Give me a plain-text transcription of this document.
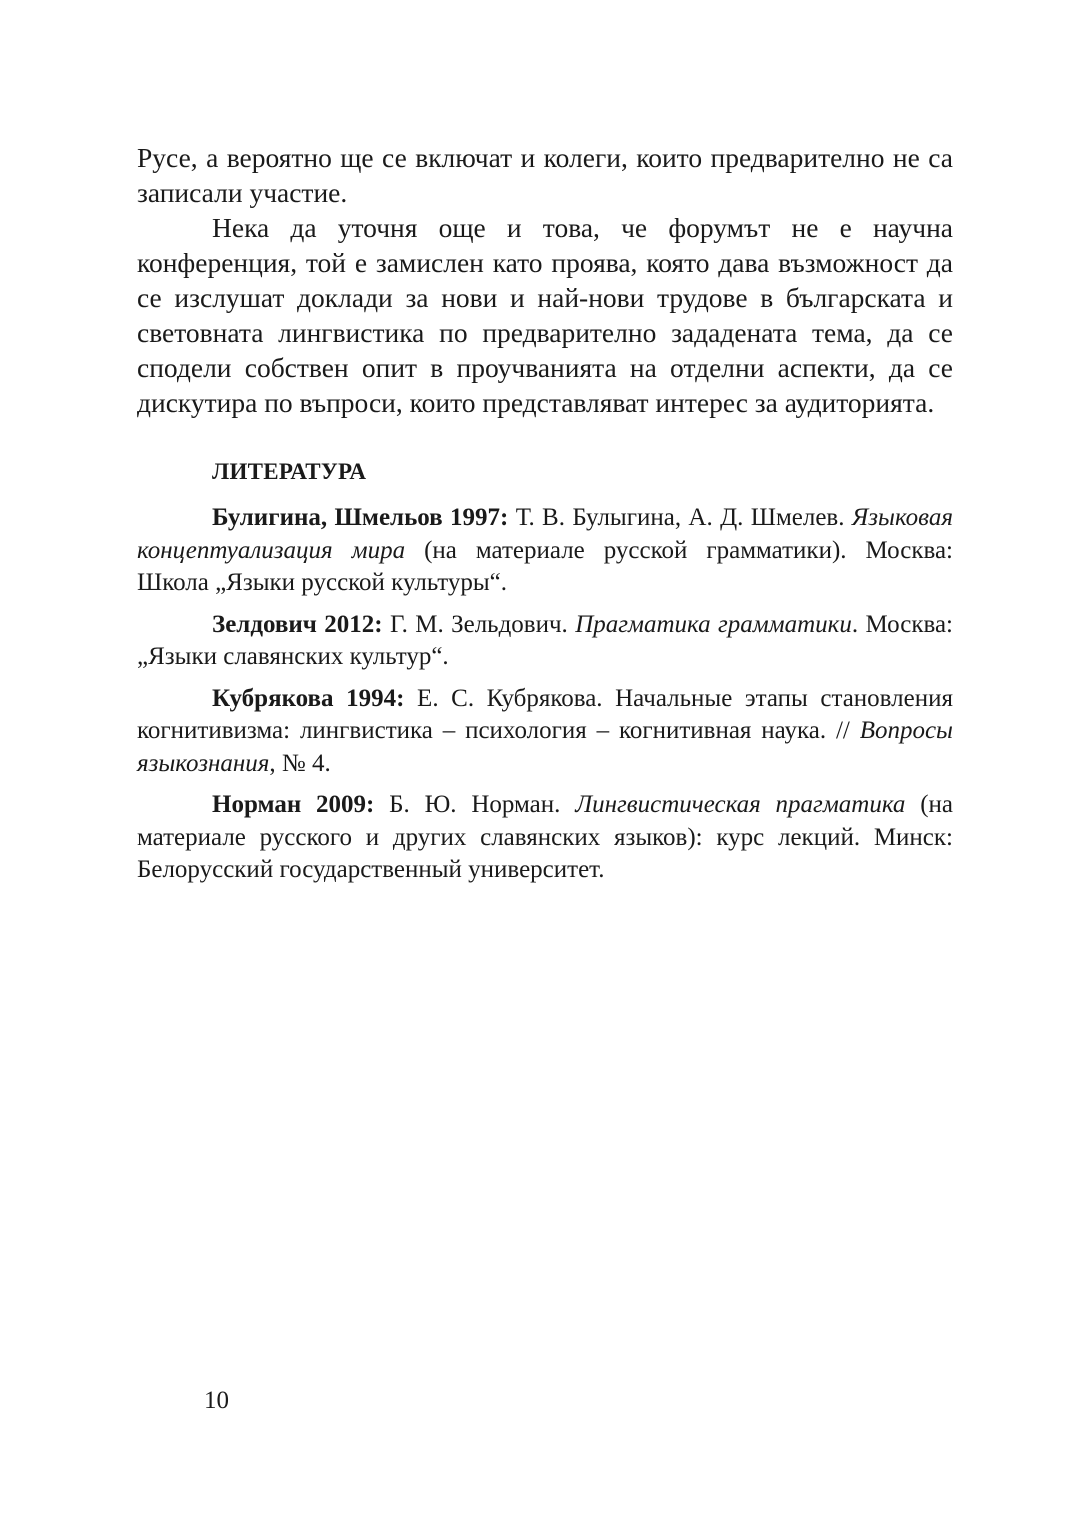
Русе, а вероятно ще се включат и колеги, които предварително не са записали участие.

Нека да уточня още и това, че форумът не е научна конференция, той е замислен като проява, която дава възможност да се изслушат доклади за нови и най-нови трудове в българската и световната лингвистика по предварително зададената тема, да се сподели собствен опит в проучванията на отделни аспекти, да се дискутира по въпроси, които представляват интерес за аудиторията.

ЛИТЕРАТУРА

Булигина, Шмельов 1997: Т. В. Булыгина, А. Д. Шмелев. Языковая концептуализация мира (на материале русской грамматики). Москва: Школа „Языки русской культуры“.

Зелдович 2012: Г. М. Зельдович. Прагматика грамматики. Москва: „Языки славянских культур“.

Кубрякова 1994: Е. С. Кубрякова. Начальные этапы становления когнитивизма: лингвистика – психология – когнитивная наука. // Вопросы языкознания, № 4.

Норман 2009: Б. Ю. Норман. Лингвистическая прагматика (на материале русского и других славянских языков): курс лекций. Минск: Белорусский государственный университет.

10
